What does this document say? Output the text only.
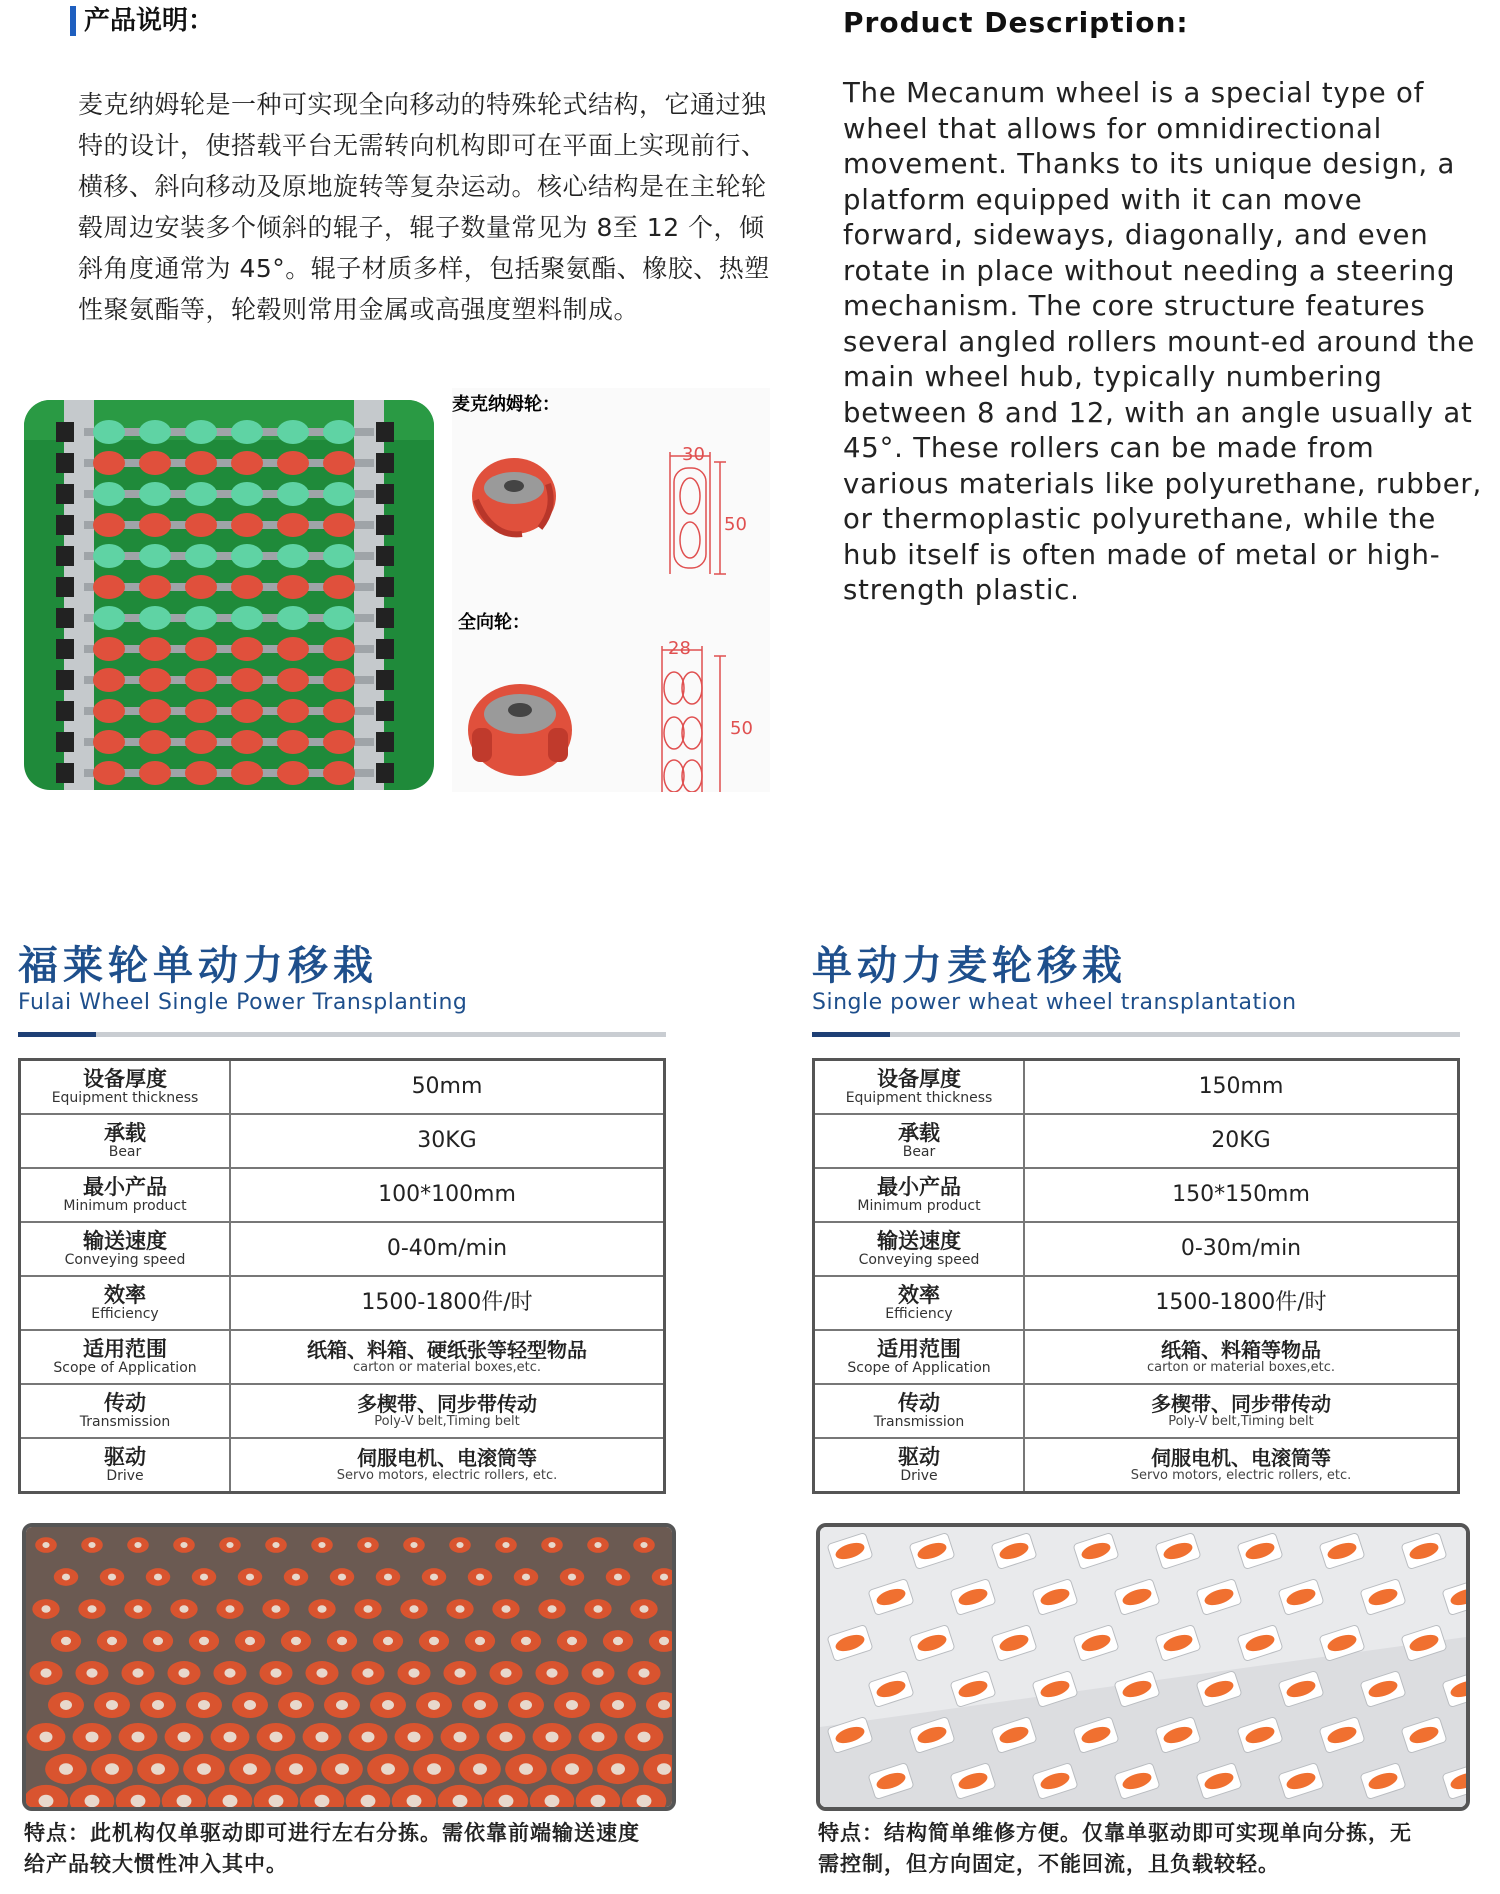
产品说明：
麦克纳姆轮是一种可实现全向移动的特殊轮式结构，它通过独特的设计，使搭载平台无需转向机构即可在平面上实现前行、横移、斜向移动及原地旋转等复杂运动。核心结构是在主轮轮毂周边安装多个倾斜的辊子，辊子数量常见为 8至 12 个，倾斜角度通常为 45°。辊子材质多样，包括聚氨酯、橡胶、热塑性聚氨酯等，轮毂则常用金属或高强度塑料制成。
Product Description:
The Mecanum wheel is a special type of wheel that allows for omnidirectional movement. Thanks to its unique design, a platform equipped with it can move forward, sideways, diagonally, and even rotate in place without needing a steering mechanism. The core structure features several angled rollers mount-ed around the main wheel hub, typically numbering between 8 and 12, with an angle usually at 45°. These rollers can be made from various materials like polyurethane, rubber, or thermoplastic polyurethane, while the hub itself is often made of metal or high-strength plastic.
麦克纳姆轮：
30
50
全向轮：
28
50
福莱轮单动力移栽
Fulai Wheel Single Power Transplanting
设备厚度
Equipment thickness	50mm

承载
Bear	30KG

最小产品
Minimum product	100*100mm

输送速度
Conveying speed	0-40m/min

效率
Efficiency	1500-1800件/时

适用范围
Scope of Application	纸箱、料箱、硬纸张等轻型物品
carton or material boxes,etc.

传动
Transmission	多楔带、同步带传动
Poly-V belt,Timing belt

驱动
Drive	伺服电机、电滚筒等
Servo motors, electric rollers, etc.
特点：此机构仅单驱动即可进行左右分拣。需依靠前端输送速度给产品较大惯性冲入其中。
单动力麦轮移栽
Single power wheat wheel transplantation
设备厚度
Equipment thickness	150mm

承载
Bear	20KG

最小产品
Minimum product	150*150mm

输送速度
Conveying speed	0-30m/min

效率
Efficiency	1500-1800件/时

适用范围
Scope of Application	纸箱、料箱等物品
carton or material boxes,etc.

传动
Transmission	多楔带、同步带传动
Poly-V belt,Timing belt

驱动
Drive	伺服电机、电滚筒等
Servo motors, electric rollers, etc.
特点：结构简单维修方便。仅靠单驱动即可实现单向分拣，无需控制，但方向固定，不能回流，且负载较轻。
